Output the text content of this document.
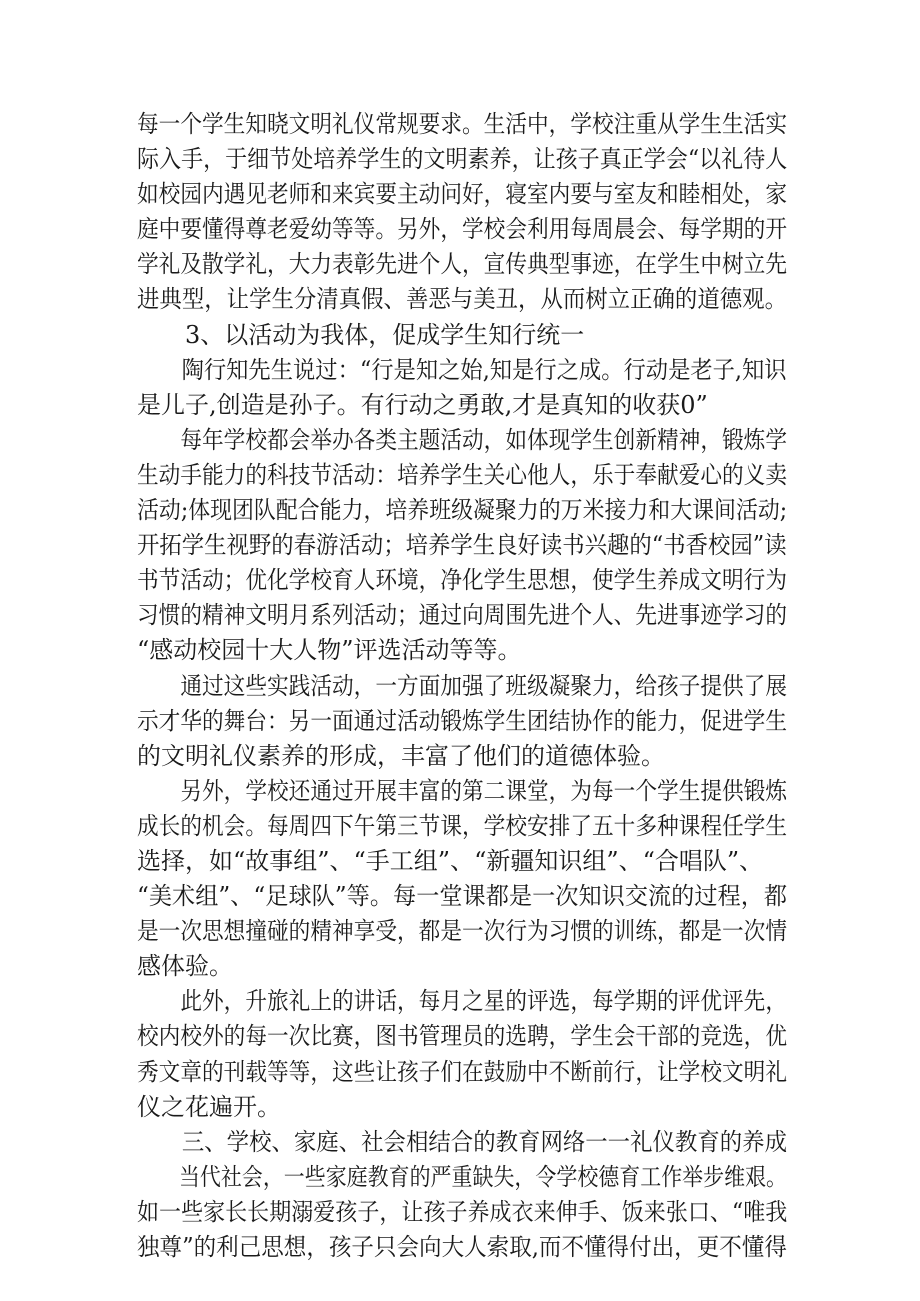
每一个学生知晓文明礼仪常规要求。生活中，学校注重从学生生活实
际入手，于细节处培养学生的文明素养，让孩子真正学会“以礼待人
如校园内遇见老师和来宾要主动问好，寝室内要与室友和睦相处，家
庭中要懂得尊老爱幼等等。另外，学校会利用每周晨会、每学期的开
学礼及散学礼，大力表彰先进个人，宣传典型事迹，在学生中树立先
进典型，让学生分清真假、善恶与美丑，从而树立正确的道德观。
3、以活动为我体，促成学生知行统一
陶行知先生说过：“行是知之始,知是行之成。行动是老子,知识
是儿子,创造是孙子。有行动之勇敢,才是真知的收获0”
每年学校都会举办各类主题活动，如体现学生创新精神，锻炼学
生动手能力的科技节活动：培养学生关心他人，乐于奉献爱心的义卖
活动;体现团队配合能力，培养班级凝聚力的万米接力和大课间活动;
开拓学生视野的春游活动；培养学生良好读书兴趣的“书香校园”读
书节活动；优化学校育人环境，净化学生思想，使学生养成文明行为
习惯的精神文明月系列活动；通过向周围先进个人、先进事迹学习的
“感动校园十大人物”评选活动等等。
通过这些实践活动，一方面加强了班级凝聚力，给孩子提供了展
示才华的舞台：另一面通过活动锻炼学生团结协作的能力，促进学生
的文明礼仪素养的形成，丰富了他们的道德体验。
另外，学校还通过开展丰富的第二课堂，为每一个学生提供锻炼
成长的机会。每周四下午第三节课，学校安排了五十多种课程任学生
选择，如“故事组”、“手工组”、“新疆知识组”、“合唱队”、
“美术组”、“足球队”等。每一堂课都是一次知识交流的过程，都
是一次思想撞碰的精神享受，都是一次行为习惯的训练，都是一次情
感体验。
此外，升旅礼上的讲话，每月之星的评选，每学期的评优评先，
校内校外的每一次比赛，图书管理员的选聘，学生会干部的竞选，优
秀文章的刊载等等，这些让孩子们在鼓励中不断前行，让学校文明礼
仪之花遍开。
三、学校、家庭、社会相结合的教育网络一一礼仪教育的养成
当代社会，一些家庭教育的严重缺失，令学校德育工作举步维艰。
如一些家长长期溺爱孩子，让孩子养成衣来伸手、饭来张口、“唯我
独尊”的利己思想，孩子只会向大人索取,而不懂得付出，更不懂得
